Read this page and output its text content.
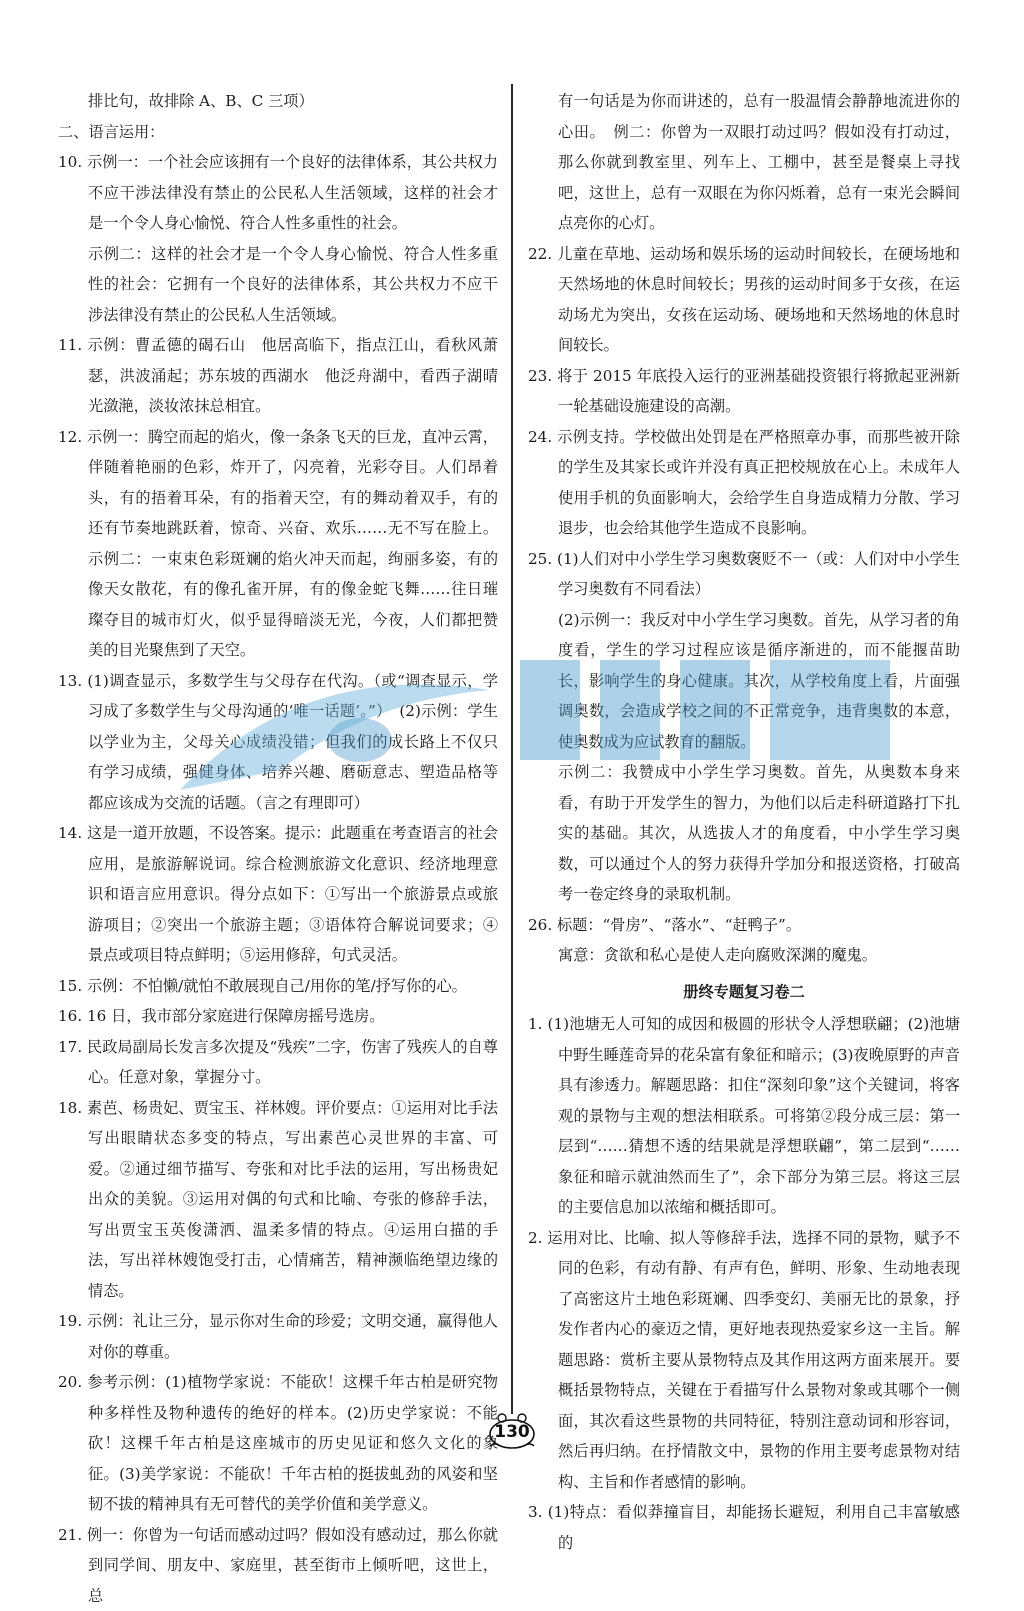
排比句，故排除 A、B、C 三项）

二、语言运用：

10. 示例一：一个社会应该拥有一个良好的法律体系，其公共权力不应干涉法律没有禁止的公民私人生活领域，这样的社会才是一个令人身心愉悦、符合人性多重性的社会。

示例二：这样的社会才是一个令人身心愉悦、符合人性多重性的社会：它拥有一个良好的法律体系，其公共权力不应干涉法律没有禁止的公民私人生活领域。

11. 示例：曹孟德的碣石山　他居高临下，指点江山，看秋风萧瑟，洪波涌起；苏东坡的西湖水　他泛舟湖中，看西子湖晴光潋滟，淡妆浓抹总相宜。

12. 示例一：腾空而起的焰火，像一条条飞天的巨龙，直冲云霄，伴随着艳丽的色彩，炸开了，闪亮着，光彩夺目。人们昂着头，有的捂着耳朵，有的指着天空，有的舞动着双手，有的还有节奏地跳跃着，惊奇、兴奋、欢乐……无不写在脸上。示例二：一束束色彩斑斓的焰火冲天而起，绚丽多姿，有的像天女散花，有的像孔雀开屏，有的像金蛇飞舞……往日璀璨夺目的城市灯火，似乎显得暗淡无光，今夜，人们都把赞美的目光聚焦到了天空。

13. (1)调查显示，多数学生与父母存在代沟。（或“调查显示，学习成了多数学生与父母沟通的‘唯一话题’。”）　(2)示例：学生以学业为主，父母关心成绩没错；但我们的成长路上不仅只有学习成绩，强健身体、培养兴趣、磨砺意志、塑造品格等都应该成为交流的话题。（言之有理即可）

14. 这是一道开放题，不设答案。提示：此题重在考查语言的社会应用，是旅游解说词。综合检测旅游文化意识、经济地理意识和语言应用意识。得分点如下：①写出一个旅游景点或旅游项目；②突出一个旅游主题；③语体符合解说词要求；④景点或项目特点鲜明；⑤运用修辞，句式灵活。

15. 示例：不怕懒/就怕不敢展现自己/用你的笔/抒写你的心。

16. 16 日，我市部分家庭进行保障房摇号选房。

17. 民政局副局长发言多次提及“残疾”二字，伤害了残疾人的自尊心。任意对象，掌握分寸。

18. 素芭、杨贵妃、贾宝玉、祥林嫂。评价要点：①运用对比手法写出眼睛状态多变的特点，写出素芭心灵世界的丰富、可爱。②通过细节描写、夸张和对比手法的运用，写出杨贵妃出众的美貌。③运用对偶的句式和比喻、夸张的修辞手法，写出贾宝玉英俊潇洒、温柔多情的特点。④运用白描的手法，写出祥林嫂饱受打击，心情痛苦，精神濒临绝望边缘的情态。

19. 示例：礼让三分，显示你对生命的珍爱；文明交通，赢得他人对你的尊重。

20. 参考示例：(1)植物学家说：不能砍！这棵千年古柏是研究物种多样性及物种遗传的绝好的样本。(2)历史学家说：不能砍！这棵千年古柏是这座城市的历史见证和悠久文化的象征。(3)美学家说：不能砍！千年古柏的挺拔虬劲的风姿和坚韧不拔的精神具有无可替代的美学价值和美学意义。

21. 例一：你曾为一句话而感动过吗？假如没有感动过，那么你就到同学间、朋友中、家庭里，甚至街市上倾听吧，这世上，总

有一句话是为你而讲述的，总有一股温情会静静地流进你的心田。　例二：你曾为一双眼打动过吗？假如没有打动过，那么你就到教室里、列车上、工棚中，甚至是餐桌上寻找吧，这世上，总有一双眼在为你闪烁着，总有一束光会瞬间点亮你的心灯。

22. 儿童在草地、运动场和娱乐场的运动时间较长，在硬场地和天然场地的休息时间较长；男孩的运动时间多于女孩，在运动场尤为突出，女孩在运动场、硬场地和天然场地的休息时间较长。

23. 将于 2015 年底投入运行的亚洲基础投资银行将掀起亚洲新一轮基础设施建设的高潮。

24. 示例支持。学校做出处罚是在严格照章办事，而那些被开除的学生及其家长或许并没有真正把校规放在心上。未成年人使用手机的负面影响大，会给学生自身造成精力分散、学习退步，也会给其他学生造成不良影响。

25. (1)人们对中小学生学习奥数褒贬不一（或：人们对中小学生学习奥数有不同看法）

(2)示例一：我反对中小学生学习奥数。首先，从学习者的角度看，学生的学习过程应该是循序渐进的，而不能揠苗助长，影响学生的身心健康。其次，从学校角度上看，片面强调奥数，会造成学校之间的不正常竞争，违背奥数的本意，使奥数成为应试教育的翻版。

示例二：我赞成中小学生学习奥数。首先，从奥数本身来看，有助于开发学生的智力，为他们以后走科研道路打下扎实的基础。其次，从选拔人才的角度看，中小学生学习奥数，可以通过个人的努力获得升学加分和报送资格，打破高考一卷定终身的录取机制。

26. 标题：“骨房”、“落水”、“赶鸭子”。

寓意：贪欲和私心是使人走向腐败深渊的魔鬼。

册终专题复习卷二

1. (1)池塘无人可知的成因和极圆的形状令人浮想联翩；(2)池塘中野生睡莲奇异的花朵富有象征和暗示；(3)夜晚原野的声音具有渗透力。解题思路：扣住“深刻印象”这个关键词，将客观的景物与主观的想法相联系。可将第②段分成三层：第一层到“……猜想不透的结果就是浮想联翩”，第二层到“……象征和暗示就油然而生了”，余下部分为第三层。将这三层的主要信息加以浓缩和概括即可。

2. 运用对比、比喻、拟人等修辞手法，选择不同的景物，赋予不同的色彩，有动有静、有声有色，鲜明、形象、生动地表现了高密这片土地色彩斑斓、四季变幻、美丽无比的景象，抒发作者内心的豪迈之情，更好地表现热爱家乡这一主旨。解题思路：赏析主要从景物特点及其作用这两方面来展开。要概括景物特点，关键在于看描写什么景物对象或其哪个一侧面，其次看这些景物的共同特征，特别注意动词和形容词，然后再归纳。在抒情散文中，景物的作用主要考虑景物对结构、主旨和作者感情的影响。

3. (1)特点：看似莽撞盲目，却能扬长避短，利用自己丰富敏感的

130
